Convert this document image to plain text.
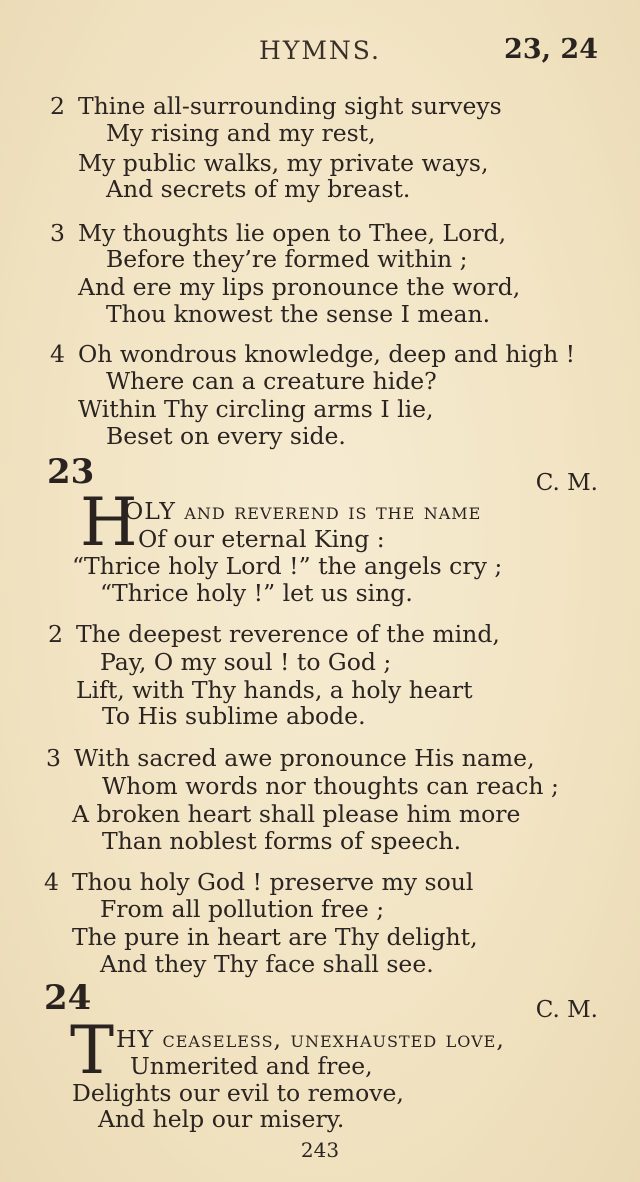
HYMNS.	23, 24
2 Thine all-surrounding sight surveys
My rising and my rest,
My public walks, my private ways,
And secrets of my breast.
3 My thoughts lie open to Thee, Lord,
Before they’re formed within ;
And ere my lips pronounce the word,
Thou knowest the sense I mean.
4 Oh wondrous knowledge, deep and high !
Where can a creature hide?
Within Thy circling arms I lie,
Beset on every side.
23	C. M.
H
OLY and reverend is the name
Of our eternal King :
“Thrice holy Lord !” the angels cry ;
“Thrice holy !” let us sing.
2 The deepest reverence of the mind,
Pay, O my soul ! to God ;
Lift, with Thy hands, a holy heart
To His sublime abode.
3 With sacred awe pronounce His name,
Whom words nor thoughts can reach ;
A broken heart shall please him more
Than noblest forms of speech.
4 Thou holy God ! preserve my soul
From all pollution free ;
The pure in heart are Thy delight,
And they Thy face shall see.
24	C. M.
T HY ceaseless, unexhausted love,
Unmerited and free,
Delights our evil to remove,
And help our misery.
243
